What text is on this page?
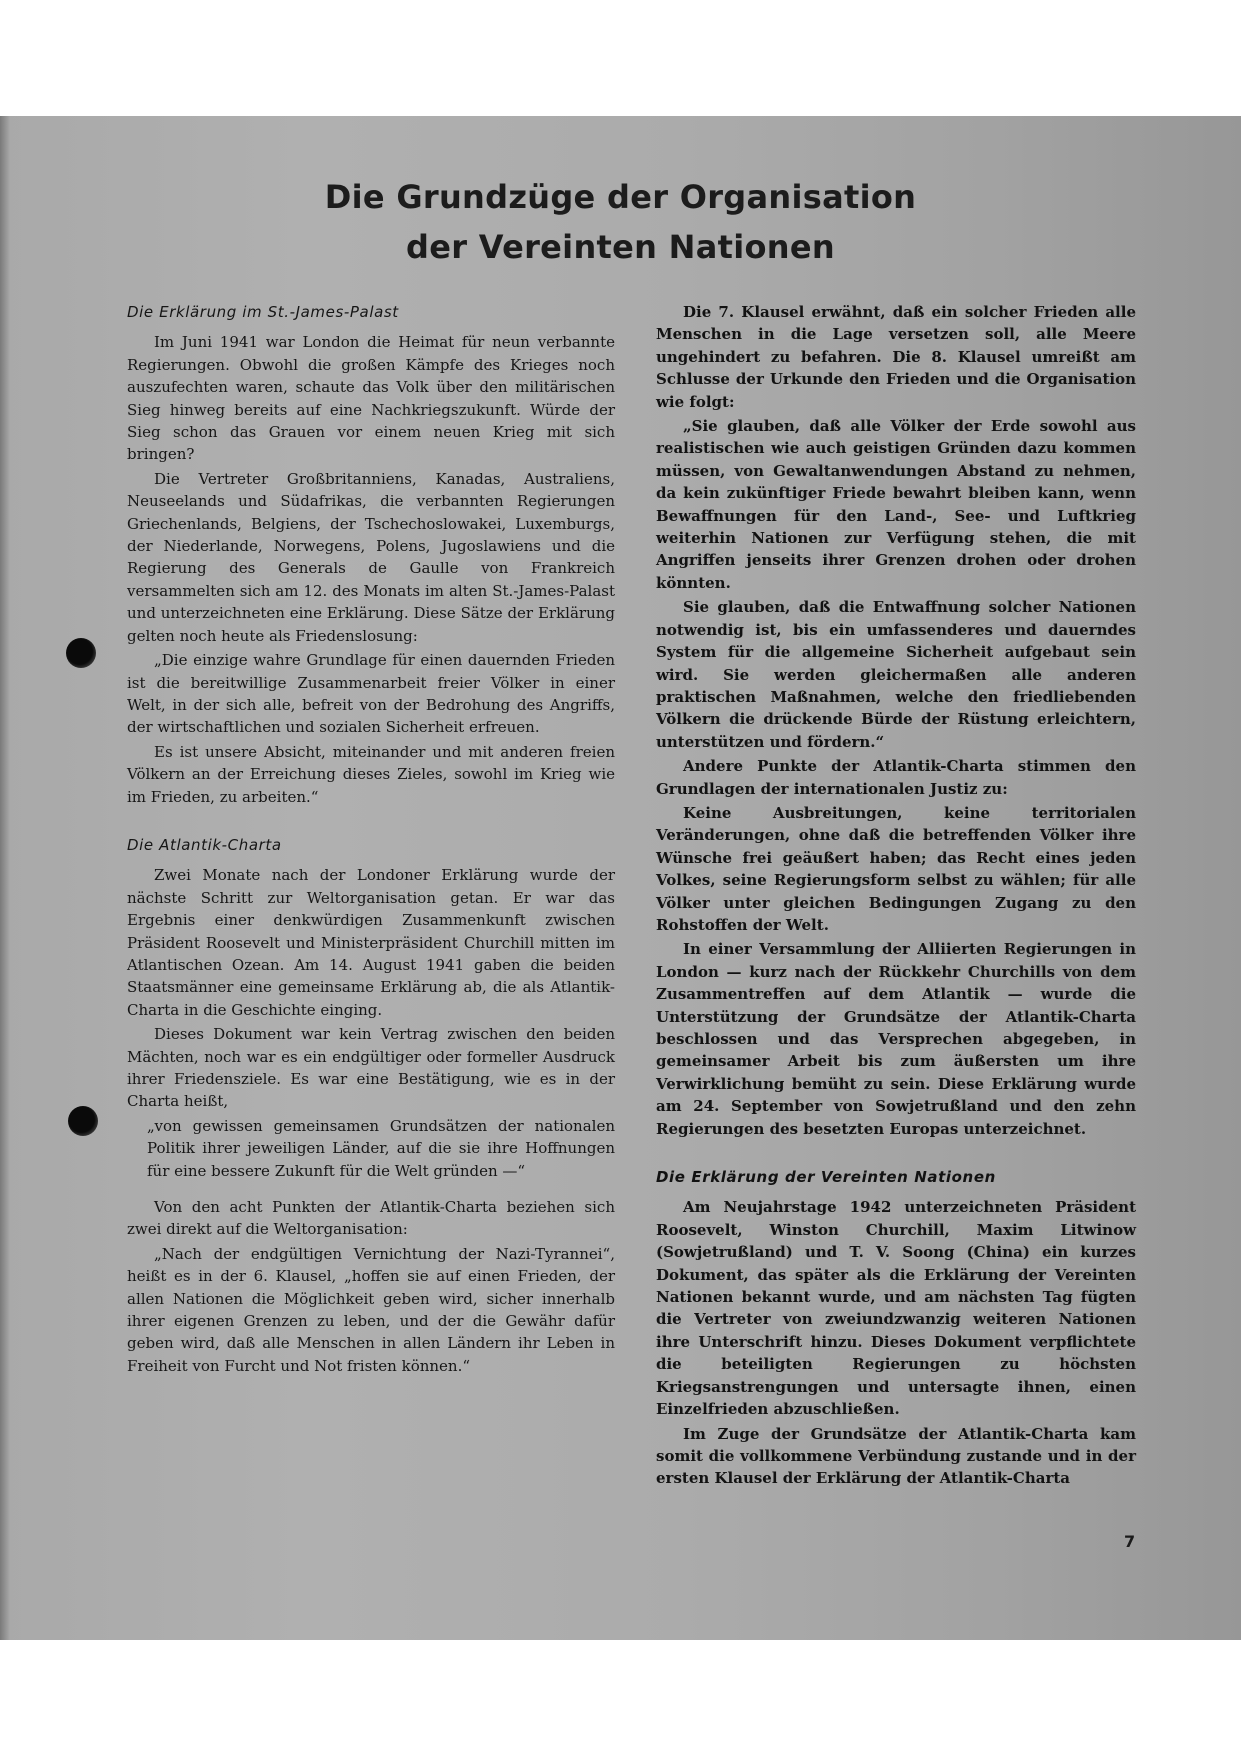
Die Grundzüge der Organisation
der Vereinten Nationen
Die Erklärung im St.-James-Palast

Im Juni 1941 war London die Heimat für neun verbannte Regierungen. Obwohl die großen Kämpfe des Krieges noch auszufechten waren, schaute das Volk über den militärischen Sieg hinweg bereits auf eine Nachkriegszukunft. Würde der Sieg schon das Grauen vor einem neuen Krieg mit sich bringen?

Die Vertreter Großbritanniens, Kanadas, Australiens, Neuseelands und Südafrikas, die verbannten Regierungen Griechenlands, Belgiens, der Tschechoslowakei, Luxemburgs, der Niederlande, Norwegens, Polens, Jugoslawiens und die Regierung des Generals de Gaulle von Frankreich versammelten sich am 12. des Monats im alten St.-James-Palast und unterzeichneten eine Erklärung. Diese Sätze der Erklärung gelten noch heute als Friedenslosung:

„Die einzige wahre Grundlage für einen dauernden Frieden ist die bereitwillige Zusammenarbeit freier Völker in einer Welt, in der sich alle, befreit von der Bedrohung des Angriffs, der wirtschaftlichen und sozialen Sicherheit erfreuen.

Es ist unsere Absicht, miteinander und mit anderen freien Völkern an der Erreichung dieses Zieles, sowohl im Krieg wie im Frieden, zu arbeiten.“

Die Atlantik-Charta

Zwei Monate nach der Londoner Erklärung wurde der nächste Schritt zur Weltorganisation getan. Er war das Ergebnis einer denkwürdigen Zusammenkunft zwischen Präsident Roosevelt und Ministerpräsident Churchill mitten im Atlantischen Ozean. Am 14. August 1941 gaben die beiden Staatsmänner eine gemeinsame Erklärung ab, die als Atlantik-Charta in die Geschichte einging.

Dieses Dokument war kein Vertrag zwischen den beiden Mächten, noch war es ein endgültiger oder formeller Ausdruck ihrer Friedensziele. Es war eine Bestätigung, wie es in der Charta heißt,

„von gewissen gemeinsamen Grundsätzen der nationalen Politik ihrer jeweiligen Länder, auf die sie ihre Hoffnungen für eine bessere Zukunft für die Welt gründen —“

Von den acht Punkten der Atlantik-Charta beziehen sich zwei direkt auf die Weltorganisation:

„Nach der endgültigen Vernichtung der Nazi-Tyrannei“, heißt es in der 6. Klausel, „hoffen sie auf einen Frieden, der allen Nationen die Möglichkeit geben wird, sicher innerhalb ihrer eigenen Grenzen zu leben, und der die Gewähr dafür geben wird, daß alle Menschen in allen Ländern ihr Leben in Freiheit von Furcht und Not fristen können.“

Die 7. Klausel erwähnt, daß ein solcher Frieden alle Menschen in die Lage versetzen soll, alle Meere ungehindert zu befahren. Die 8. Klausel umreißt am Schlusse der Urkunde den Frieden und die Organisation wie folgt:

„Sie glauben, daß alle Völker der Erde sowohl aus realistischen wie auch geistigen Gründen dazu kommen müssen, von Gewaltanwendungen Abstand zu nehmen, da kein zukünftiger Friede bewahrt bleiben kann, wenn Bewaffnungen für den Land-, See- und Luftkrieg weiterhin Nationen zur Verfügung stehen, die mit Angriffen jenseits ihrer Grenzen drohen oder drohen könnten.

Sie glauben, daß die Entwaffnung solcher Nationen notwendig ist, bis ein umfassenderes und dauerndes System für die allgemeine Sicherheit aufgebaut sein wird. Sie werden gleichermaßen alle anderen praktischen Maßnahmen, welche den friedliebenden Völkern die drückende Bürde der Rüstung erleichtern, unterstützen und fördern.“

Andere Punkte der Atlantik-Charta stimmen den Grundlagen der internationalen Justiz zu:

Keine Ausbreitungen, keine territorialen Veränderungen, ohne daß die betreffenden Völker ihre Wünsche frei geäußert haben; das Recht eines jeden Volkes, seine Regierungsform selbst zu wählen; für alle Völker unter gleichen Bedingungen Zugang zu den Rohstoffen der Welt.

In einer Versammlung der Alliierten Regierungen in London — kurz nach der Rückkehr Churchills von dem Zusammentreffen auf dem Atlantik — wurde die Unterstützung der Grundsätze der Atlantik-Charta beschlossen und das Versprechen abgegeben, in gemeinsamer Arbeit bis zum äußersten um ihre Verwirklichung bemüht zu sein. Diese Erklärung wurde am 24. September von Sowjetrußland und den zehn Regierungen des besetzten Europas unterzeichnet.

Die Erklärung der Vereinten Nationen

Am Neujahrstage 1942 unterzeichneten Präsident Roosevelt, Winston Churchill, Maxim Litwinow (Sowjetrußland) und T. V. Soong (China) ein kurzes Dokument, das später als die Erklärung der Vereinten Nationen bekannt wurde, und am nächsten Tag fügten die Vertreter von zweiundzwanzig weiteren Nationen ihre Unterschrift hinzu. Dieses Dokument verpflichtete die beteiligten Regierungen zu höchsten Kriegsanstrengungen und untersagte ihnen, einen Einzelfrieden abzuschließen.

Im Zuge der Grundsätze der Atlantik-Charta kam somit die vollkommene Verbündung zustande und in der ersten Klausel der Erklärung der Atlantik-Charta

7
